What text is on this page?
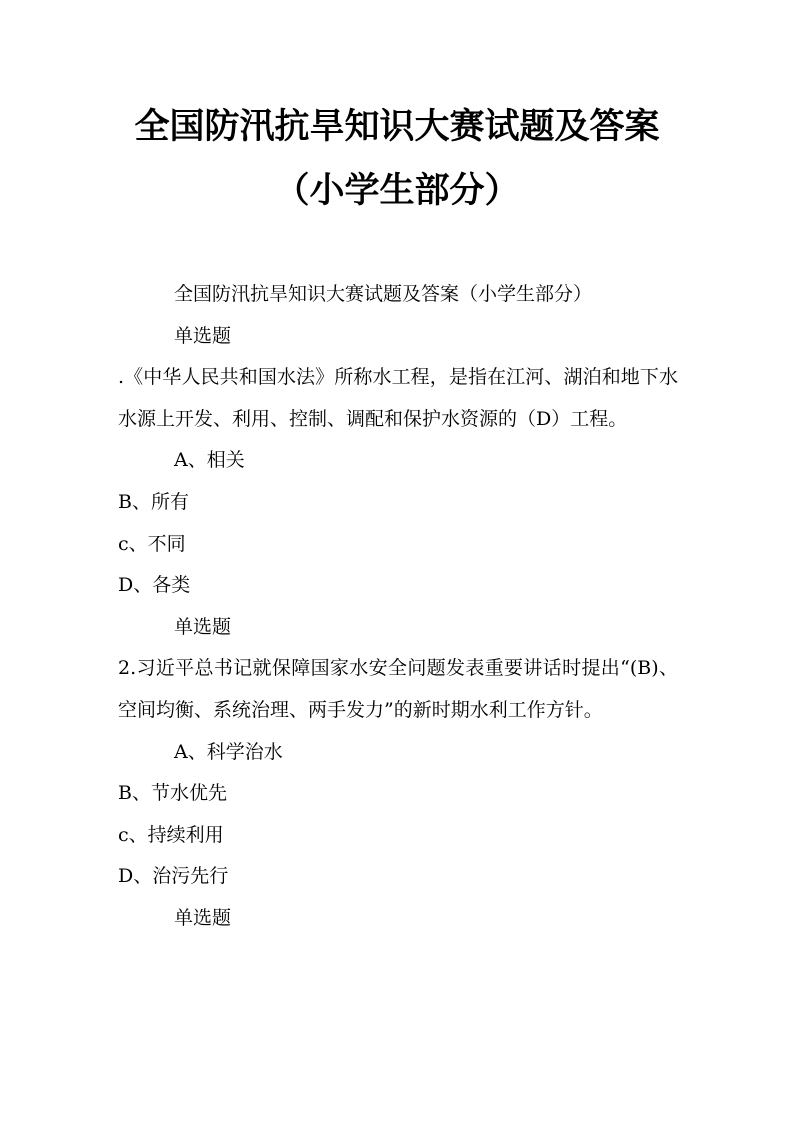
全国防汛抗旱知识大赛试题及答案
（小学生部分）
全国防汛抗旱知识大赛试题及答案（小学生部分）
单选题
.《中华人民共和国水法》所称水工程，是指在江河、湖泊和地下水水源上开发、利用、控制、调配和保护水资源的（D）工程。
A、相关
B、所有
c、不同
D、各类
单选题
2.习近平总书记就保障国家水安全问题发表重要讲话时提出“(B)、空间均衡、系统治理、两手发力”的新时期水利工作方针。
A、科学治水
B、节水优先
c、持续利用
D、治污先行
单选题
